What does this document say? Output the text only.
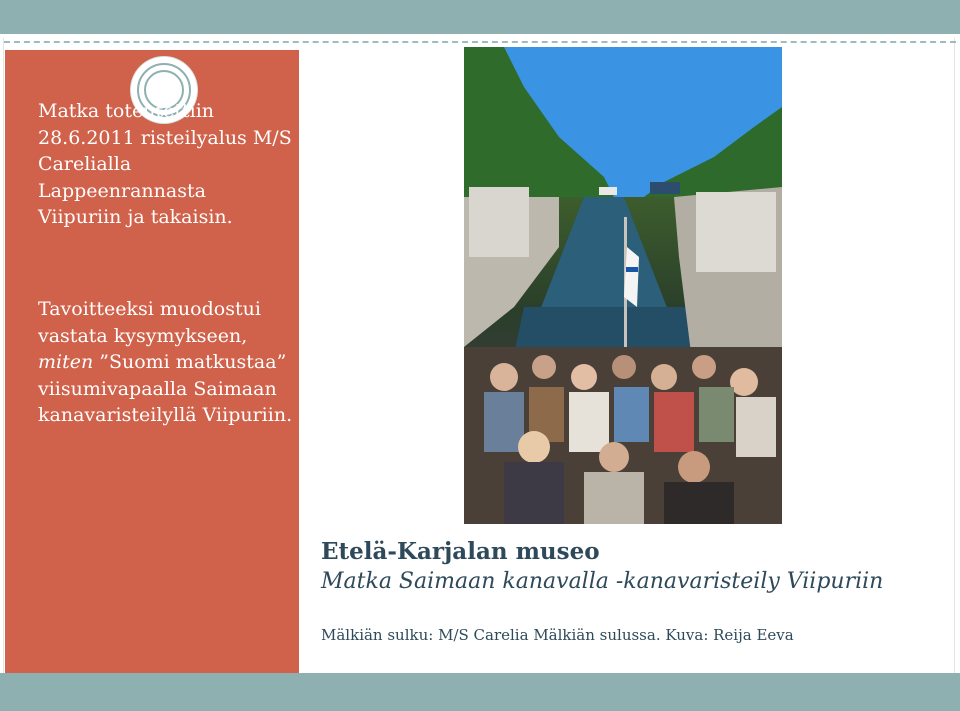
Matka toteutettiin 28.6.2011 risteilyalus M/S Carelialla Lappeenrannasta Viipuriin ja takaisin.

Tavoitteeksi muodostui vastata kysymykseen, miten ”Suomi matkustaa” viisumivapaalla Saimaan kanavaristeilyllä Viipuriin.

Etelä-Karjalan museo

Matka Saimaan kanavalla -kanavaristeily Viipuriin

Mälkiän sulku: M/S Carelia Mälkiän sulussa. Kuva: Reija Eeva
